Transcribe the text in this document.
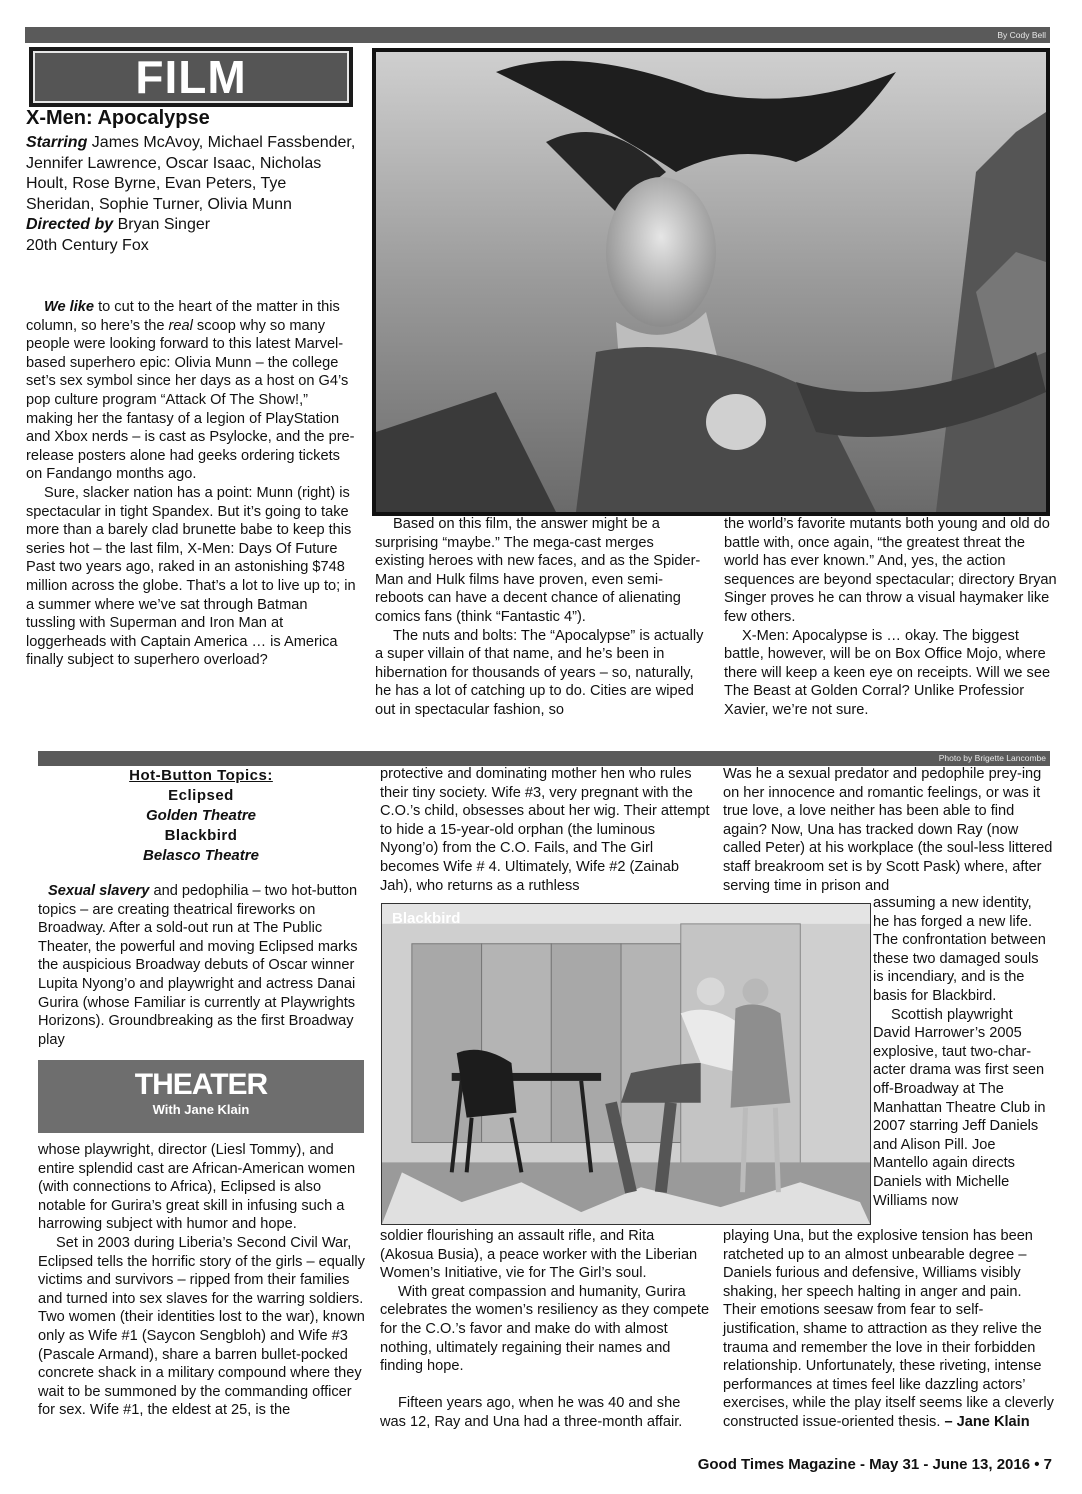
By Cody Bell
FILM
X-Men: Apocalypse
Starring James McAvoy, Michael Fassbender, Jennifer Lawrence, Oscar Isaac, Nicholas Hoult, Rose Byrne, Evan Peters, Tye Sheridan, Sophie Turner, Olivia Munn
Directed by Bryan Singer
20th Century Fox

We like to cut to the heart of the matter in this column, so here’s the real scoop why so many people were looking forward to this latest Marvel-based superhero epic: Olivia Munn – the college set’s sex symbol since her days as a host on G4’s pop culture program “Attack Of The Show!,” making her the fantasy of a legion of PlayStation and Xbox nerds – is cast as Psylocke, and the pre-release posters alone had geeks ordering tickets on Fandango months ago.

Sure, slacker nation has a point: Munn (right) is spectacular in tight Spandex. But it’s going to take more than a barely clad brunette babe to keep this series hot – the last film, X-Men: Days Of Future Past two years ago, raked in an astonishing $748 million across the globe. That’s a lot to live up to; in a summer where we’ve sat through Batman tussling with Superman and Iron Man at loggerheads with Captain America … is America finally subject to superhero overload?

Based on this film, the answer might be a surprising “maybe.” The mega-cast merges existing heroes with new faces, and as the Spider-Man and Hulk films have proven, even semi-reboots can have a decent chance of alienating comics fans (think “Fantastic 4”).

The nuts and bolts: The “Apocalypse” is actually a super villain of that name, and he’s been in hibernation for thousands of years – so, naturally, he has a lot of catching up to do. Cities are wiped out in spectacular fashion, so

the world’s favorite mutants both young and old do battle with, once again, “the greatest threat the world has ever known.” And, yes, the action sequences are beyond spectacular; directory Bryan Singer proves he can throw a visual haymaker like few others.

X-Men: Apocalypse is … okay. The biggest battle, however, will be on Box Office Mojo, where there will keep a keen eye on receipts. Will we see The Beast at Golden Corral? Unlike Professior Xavier, we’re not sure.

Photo by Brigette Lancombe
Hot-Button Topics:
Eclipsed
Golden Theatre
Blackbird
Belasco Theatre

Sexual slavery and pedophilia – two hot-button topics – are creating theatrical fireworks on Broadway. After a sold-out run at The Public Theater, the powerful and moving Eclipsed marks the auspicious Broadway debuts of Oscar winner Lupita Nyong’o and playwright and actress Danai Gurira (whose Familiar is currently at Playwrights Horizons). Groundbreaking as the first Broadway play

THEATER
With Jane Klain

whose playwright, director (Liesl Tommy), and entire splendid cast are African-American women (with connections to Africa), Eclipsed is also notable for Gurira’s great skill in infusing such a harrowing subject with humor and hope.

Set in 2003 during Liberia’s Second Civil War, Eclipsed tells the horrific story of the girls – equally victims and survivors – ripped from their families and turned into sex slaves for the warring soldiers. Two women (their identities lost to the war), known only as Wife #1 (Saycon Sengbloh) and Wife #3 (Pascale Armand), share a barren bullet-pocked concrete shack in a military compound where they wait to be summoned by the commanding officer for sex. Wife #1, the eldest at 25, is the

protective and dominating mother hen who rules their tiny society. Wife #3, very pregnant with the C.O.’s child, obsesses about her wig. Their attempt to hide a 15-year-old orphan (the luminous Nyong’o) from the C.O. Fails, and The Girl becomes Wife # 4. Ultimately, Wife #2 (Zainab Jah), who returns as a ruthless

Blackbird

soldier flourishing an assault rifle, and Rita (Akosua Busia), a peace worker with the Liberian Women’s Initiative, vie for The Girl’s soul.

With great compassion and humanity, Gurira celebrates the women’s resiliency as they compete for the C.O.’s favor and make do with almost nothing, ultimately regaining their names and finding hope.

Fifteen years ago, when he was 40 and she was 12, Ray and Una had a three-month affair.

Was he a sexual predator and pedophile prey-ing on her innocence and romantic feelings, or was it true love, a love neither has been able to find again? Now, Una has tracked down Ray (now called Peter) at his workplace (the soul-less littered staff breakroom set is by Scott Pask) where, after serving time in prison and

assuming a new identity, he has forged a new life. The confrontation between these two damaged souls is incendiary, and is the basis for Blackbird.

Scottish playwright David Harrower’s 2005 explosive, taut two-char-acter drama was first seen off-Broadway at The Manhattan Theatre Club in 2007 starring Jeff Daniels and Alison Pill. Joe Mantello again directs Daniels with Michelle Williams now

playing Una, but the explosive tension has been ratcheted up to an almost unbearable degree – Daniels furious and defensive, Williams visibly shaking, her speech halting in anger and pain. Their emotions seesaw from fear to self-justification, shame to attraction as they relive the trauma and remember the love in their forbidden relationship. Unfortunately, these riveting, intense performances at times feel like dazzling actors’ exercises, while the play itself seems like a cleverly constructed issue-oriented thesis. – Jane Klain

Good Times Magazine - May 31 - June 13, 2016 • 7
